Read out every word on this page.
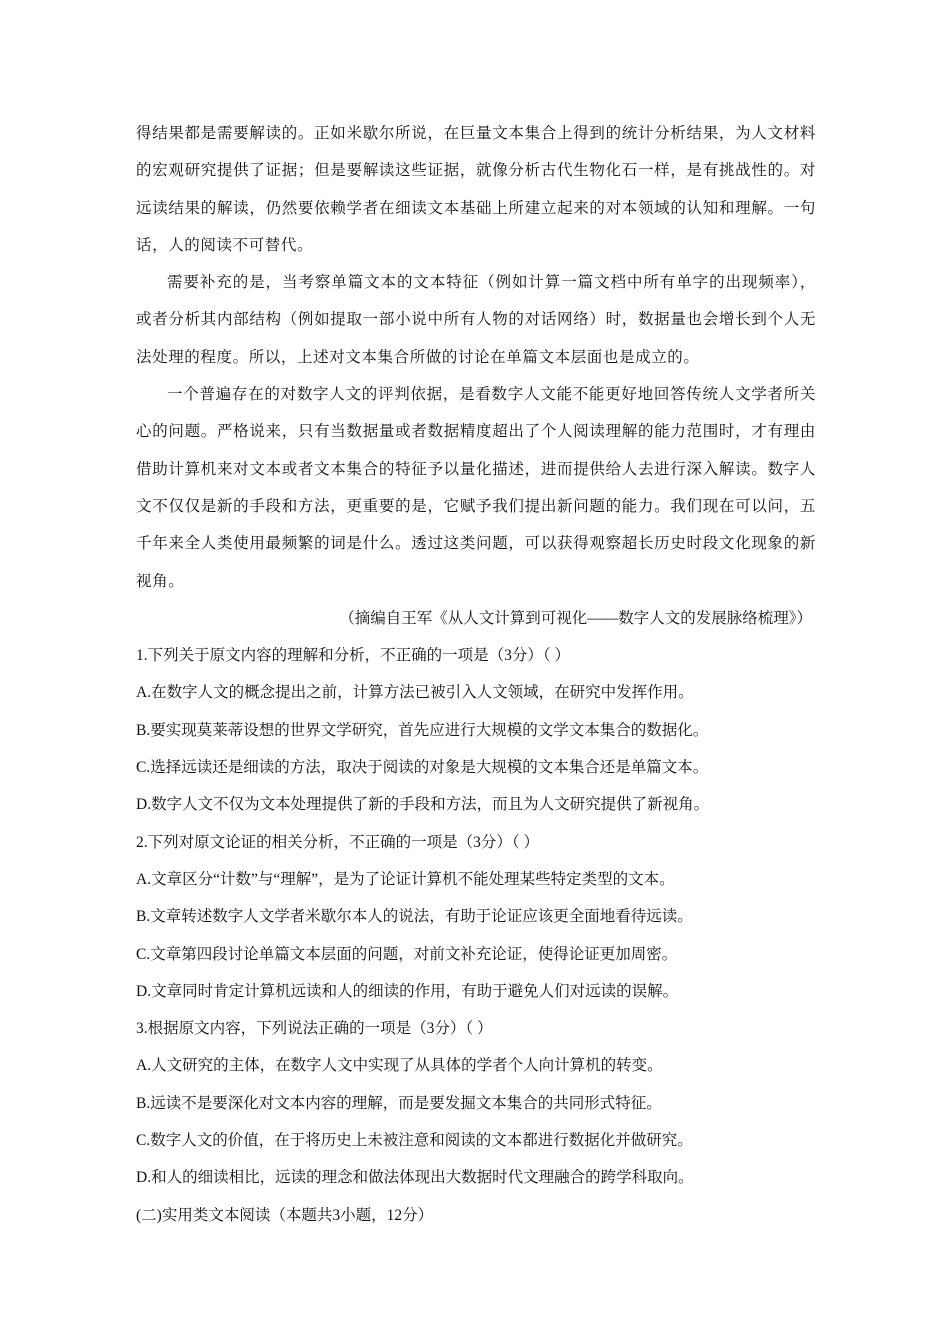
得结果都是需要解读的。正如米歇尔所说，在巨量文本集合上得到的统计分析结果，为人文材料的宏观研究提供了证据；但是要解读这些证据，就像分析古代生物化石一样，是有挑战性的。对远读结果的解读，仍然要依赖学者在细读文本基础上所建立起来的对本领域的认知和理解。一句话，人的阅读不可替代。

需要补充的是，当考察单篇文本的文本特征（例如计算一篇文档中所有单字的出现频率），或者分析其内部结构（例如提取一部小说中所有人物的对话网络）时，数据量也会增长到个人无法处理的程度。所以，上述对文本集合所做的讨论在单篇文本层面也是成立的。

一个普遍存在的对数字人文的评判依据，是看数字人文能不能更好地回答传统人文学者所关心的问题。严格说来，只有当数据量或者数据精度超出了个人阅读理解的能力范围时，才有理由借助计算机来对文本或者文本集合的特征予以量化描述，进而提供给人去进行深入解读。数字人文不仅仅是新的手段和方法，更重要的是，它赋予我们提出新问题的能力。我们现在可以问，五千年来全人类使用最频繁的词是什么。透过这类问题，可以获得观察超长历史时段文化现象的新视角。

（摘编自王军《从人文计算到可视化——数字人文的发展脉络梳理》）

1.下列关于原文内容的理解和分析，不正确的一项是（3分）（ ）

A.在数字人文的概念提出之前，计算方法已被引入人文领域，在研究中发挥作用。

B.要实现莫莱蒂设想的世界文学研究，首先应进行大规模的文学文本集合的数据化。

C.选择远读还是细读的方法，取决于阅读的对象是大规模的文本集合还是单篇文本。

D.数字人文不仅为文本处理提供了新的手段和方法，而且为人文研究提供了新视角。

2.下列对原文论证的相关分析，不正确的一项是（3分）（ ）

A.文章区分“计数”与“理解”，是为了论证计算机不能处理某些特定类型的文本。

B.文章转述数字人文学者米歇尔本人的说法，有助于论证应该更全面地看待远读。

C.文章第四段讨论单篇文本层面的问题，对前文补充论证，使得论证更加周密。

D.文章同时肯定计算机远读和人的细读的作用，有助于避免人们对远读的误解。

3.根据原文内容，下列说法正确的一项是（3分）（ ）

A.人文研究的主体，在数字人文中实现了从具体的学者个人向计算机的转变。

B.远读不是要深化对文本内容的理解，而是要发掘文本集合的共同形式特征。

C.数字人文的价值，在于将历史上未被注意和阅读的文本都进行数据化并做研究。

D.和人的细读相比，远读的理念和做法体现出大数据时代文理融合的跨学科取向。

(二)实用类文本阅读（本题共3小题，12分）
